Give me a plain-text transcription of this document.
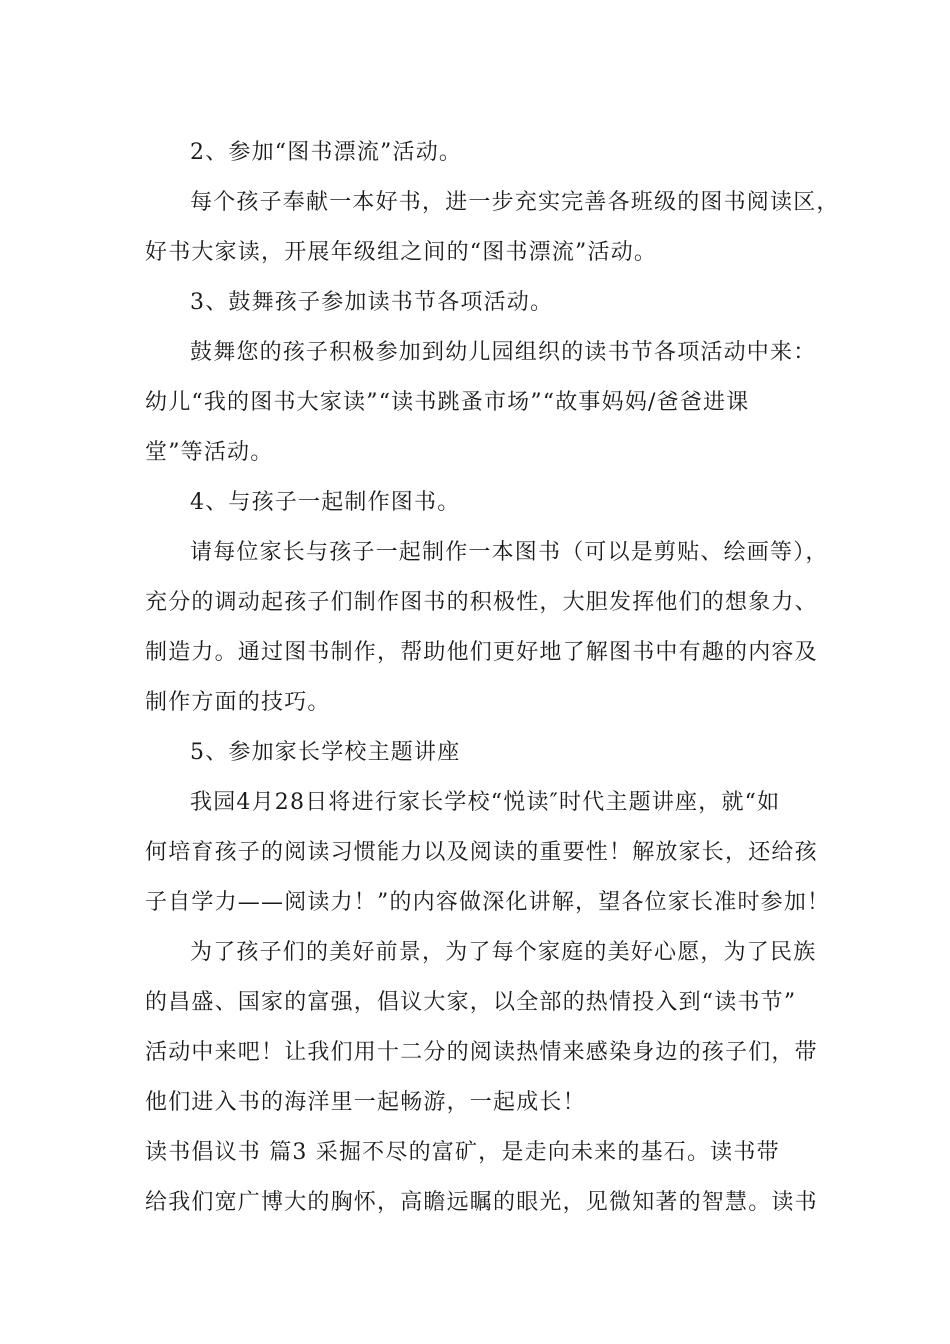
2、参加“图书漂流”活动。
每个孩子奉献一本好书，进一步充实完善各班级的图书阅读区，
好书大家读，开展年级组之间的“图书漂流”活动。
3、鼓舞孩子参加读书节各项活动。
鼓舞您的孩子积极参加到幼儿园组织的读书节各项活动中来：
幼儿“我的图书大家读”“读书跳蚤市场”“故事妈妈/爸爸进课
堂”等活动。
4、与孩子一起制作图书。
请每位家长与孩子一起制作一本图书（可以是剪贴、绘画等），
充分的调动起孩子们制作图书的积极性，大胆发挥他们的想象力、
制造力。通过图书制作，帮助他们更好地了解图书中有趣的内容及
制作方面的技巧。
5、参加家长学校主题讲座
我园4月28日将进行家长学校“悦读″时代主题讲座，就“如
何培育孩子的阅读习惯能力以及阅读的重要性！解放家长，还给孩
子自学力——阅读力！”的内容做深化讲解，望各位家长准时参加！
为了孩子们的美好前景，为了每个家庭的美好心愿，为了民族
的昌盛、国家的富强，倡议大家，以全部的热情投入到“读书节”
活动中来吧！让我们用十二分的阅读热情来感染身边的孩子们，带
他们进入书的海洋里一起畅游，一起成长！
读书倡议书 篇3 采掘不尽的富矿，是走向未来的基石。读书带
给我们宽广博大的胸怀，高瞻远瞩的眼光，见微知著的智慧。读书
